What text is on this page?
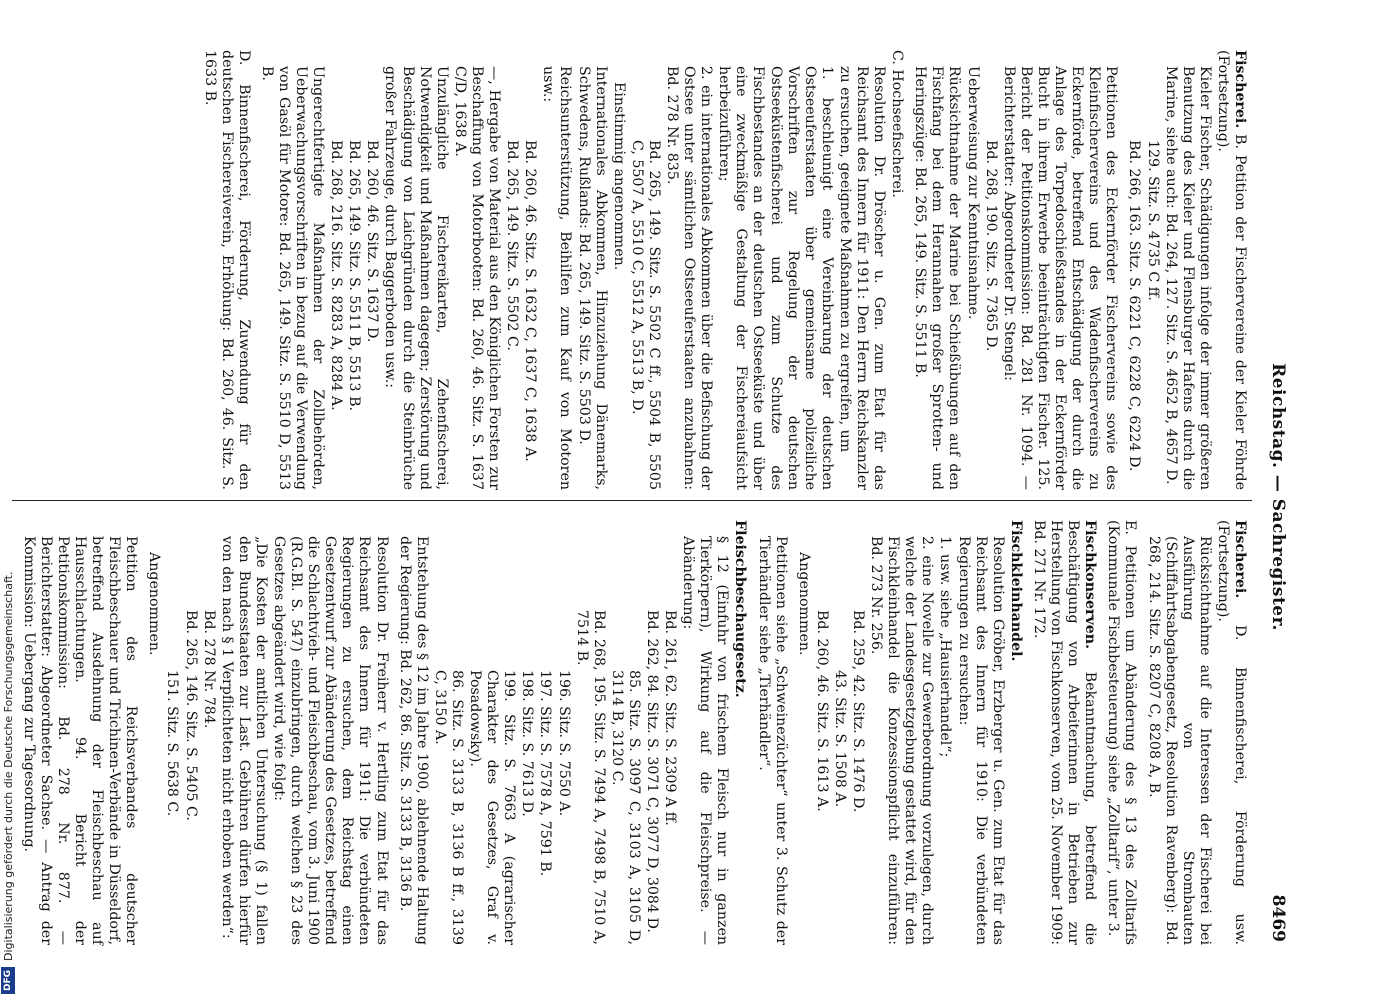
Reichstag. — Sachregister.
8469

Fischerei. B. Petition der Fischervereine der Kieler Föhrde (Fortsetzung).

Kieler Fischer, Schädigungen infolge der immer größeren Benutzung des Kieler und Flensburger Hafens durch die Marine, siehe auch: Bd. 264, 127. Sitz. S. 4652 B, 4657 D.

129. Sitz. S. 4735 C ff.

Bd. 266, 163. Sitz. S. 6221 C, 6228 C, 6224 D.

Petitionen des Eckernförder Fischervereins sowie des Kleinfischervereins und des Wadenfischervereins zu Eckernförde, betreffend Entschädigung der durch die Anlage des Torpedoschießstandes in der Eckernförder Bucht in ihrem Erwerbe beeinträchtigten Fischer. 125. Bericht der Petitionskommission: Bd. 281 Nr. 1094. — Berichterstatter: Abgeordneter Dr. Stengel:

Bd. 268, 190. Sitz. S. 7365 D.

Ueberweisung zur Kenntnisnahme.

Rücksichtnahme der Marine bei Schießübungen auf den Fischfang bei dem Herannahen großer Sprotten- und Heringszüge: Bd. 265, 149. Sitz. S. 5511 B.

C. Hochseefischerei.

Resolution Dr. Dröscher u. Gen. zum Etat für das Reichsamt des Innern für 1911: Den Herrn Reichskanzler zu ersuchen, geeignete Maßnahmen zu ergreifen, um

1. beschleunigt eine Vereinbarung der deutschen Ostseeuferstaaten über gemeinsame polizeiliche Vorschriften zur Regelung der deutschen Ostseeküstenfischerei und zum Schutze des Fischbestandes an der deutschen Ostseeküste und über eine zweckmäßige Gestaltung der Fischereiaufsicht herbeizuführen;

2. ein internationales Abkommen über die Befischung der Ostsee unter sämtlichen Ostseeuferstaaten anzubahnen: Bd. 278 Nr. 835.

Bd. 265, 149. Sitz. S. 5502 C ff., 5504 B, 5505 C, 5507 A, 5510 C, 5512 A, 5513 B, D.

Einstimmig angenommen.

Internationales Abkommen, Hinzuziehung Dänemarks, Schwedens, Rußlands: Bd. 265, 149. Sitz. S. 5503 D.

Reichsunterstützung, Beihilfen zum Kauf von Motoren usw.:

Bd. 260, 46. Sitz. S. 1632 C, 1637 C, 1638 A.

Bd. 265, 149. Sitz. S. 5502 C.

—, Hergabe von Material aus den Königlichen Forsten zur Beschaffung von Motorbooten: Bd. 260, 46. Sitz. S. 1637 C/D, 1638 A.

Unzulängliche Fischereikarten, Zehenfischerei, Notwendigkeit und Maßnahmen dagegen; Zerstörung und Beschädigung von Laichgründen durch die Steinbrüche großer Fahrzeuge, durch Baggerboden usw.:

Bd. 260, 46. Sitz. S. 1637 D.

Bd. 265, 149. Sitz. S. 5511 B, 5513 B.

Bd. 268, 216. Sitz. S. 8283 A, 8284 A.

Ungerechtfertigte Maßnahmen der Zollbehörden, Ueberwachungsvorschriften in bezug auf die Verwendung von Gasöl für Motore: Bd. 265, 149. Sitz. S. 5510 D, 5513 B.

D. Binnenfischerei, Förderung, Zuwendung für den deutschen Fischereiverein, Erhöhung: Bd. 260, 46. Sitz. S. 1633 B.

Fischerei. D. Binnenfischerei, Förderung usw. (Fortsetzung).

Rücksichtnahme auf die Interessen der Fischerei bei Ausführung von Strombauten (Schiffahrtsabgabengesetz, Resolution Ravenberg): Bd. 268, 214. Sitz. S. 8207 C, 8208 A, B.

E. Petitionen um Abänderung des § 13 des Zolltarifs (Kommunale Fischbesteuerung) siehe „Zolltarif“, unter 3.

Fischkonserven. Bekanntmachung, betreffend die Beschäftigung von Arbeiterinnen in Betrieben zur Herstellung von Fischkonserven, vom 25. November 1909: Bd. 271 Nr. 172.

Fischkleinhandel.

Resolution Gröber, Erzberger u. Gen. zum Etat für das Reichsamt des Innern für 1910: Die verbündeten Regierungen zu ersuchen:

1. usw. siehe „Hausierhandel“;

2. eine Novelle zur Gewerbeordnung vorzulegen, durch welche der Landesgesetzgebung gestattet wird, für den Fischkleinhandel die Konzessionspflicht einzuführen: Bd. 273 Nr. 256.

Bd. 259, 42. Sitz. S. 1476 D.

43. Sitz. S. 1508 A.

Bd. 260, 46. Sitz. S. 1613 A.

Angenommen.

Petitionen siehe „Schweinezüchter“ unter 3. Schutz der Tierhändler siehe „Tierhändler“.

Fleischbeschaugesetz.

§ 12 (Einfuhr von frischem Fleisch nur in ganzen Tierkörpern), Wirkung auf die Fleischpreise. — Abänderung:

Bd. 261, 62. Sitz. S. 2309 A ff.

Bd. 262, 84. Sitz. S. 3071 C, 3077 D, 3084 D.

85. Sitz. S. 3097 C, 3103 A, 3105 D, 3114 B, 3120 C.

Bd. 268, 195. Sitz. S. 7494 A, 7498 B, 7510 A, 7514 B.

196. Sitz. S. 7550 A.

197. Sitz. S. 7578 A, 7591 B.

198. Sitz. S. 7613 D.

199. Sitz. S. 7663 A (agrarischer Charakter des Gesetzes, Graf v. Posadowsky).

86. Sitz. S. 3133 B, 3136 B ff., 3139 C, 3150 A.

Entstehung des § 12 im Jahre 1900, ablehnende Haltung der Regierung: Bd. 262, 86. Sitz. S. 3133 B, 3136 B.

Resolution Dr. Freiherr v. Hertling zum Etat für das Reichsamt des Innern für 1911: Die verbündeten Regierungen zu ersuchen, dem Reichstag einen Gesetzentwurf zur Abänderung des Gesetzes, betreffend die Schlachtvieh- und Fleischbeschau, vom 3. Juni 1900 (R.G.Bl. S. 547) einzubringen, durch welchen § 23 des Gesetzes abgeändert wird, wie folgt:

„Die Kosten der amtlichen Untersuchung (§ 1) fallen den Bundesstaaten zur Last. Gebühren dürfen hierfür von den nach § 1 Verpflichteten nicht erhoben werden“:

Bd. 278 Nr. 784.

Bd. 265, 146. Sitz. S. 5405 C.

151. Sitz. S. 5638 C.

Angenommen.

Petition des Reichsverbandes deutscher Fleischbeschauer und Trichinen-Verbände in Düsseldorf, betreffend Ausdehnung der Fleischbeschau auf Hausschlachtungen. 94. Bericht der Petitionskommission: Bd. 278 Nr. 877. — Berichterstatter: Abgeordneter Sachse. — Antrag der Kommission: Uebergang zur Tagesordnung.

DFG
Digitalisierung gefördert durch die Deutsche Forschungsgemeinschaft.
